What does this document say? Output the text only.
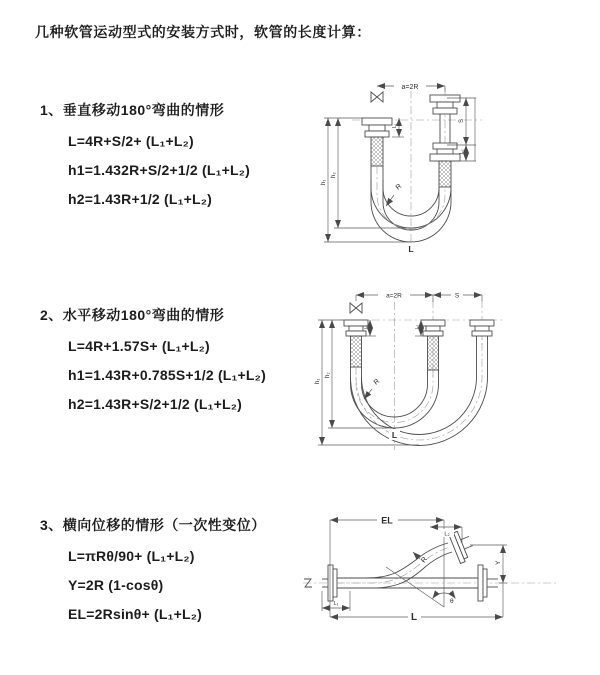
几种软管运动型式的安装方式时，软管的长度计算：
1、垂直移动180°弯曲的情形
L=4R+S/2+ (L₁+L₂)
h1=1.432R+S/2+1/2 (L₁+L₂)
h2=1.43R+1/2 (L₁+L₂)
2、水平移动180°弯曲的情形
L=4R+1.57S+ (L₁+L₂)
h1=1.43R+0.785S+1/2 (L₁+L₂)
h2=1.43R+S/2+1/2 (L₁+L₂)
3、横向位移的情形（一次性变位）
L=πRθ/90+ (L₁+L₂)
Y=2R (1-cosθ)
EL=2Rsinθ+ (L₁+L₂)
a=2R
R
h₁
h₂
L₁
S
L₂
L
a=2R	S
R
h₁
h₂
L₁	L₂
L
θ
R
EL
L₂
Y
L₁
L
